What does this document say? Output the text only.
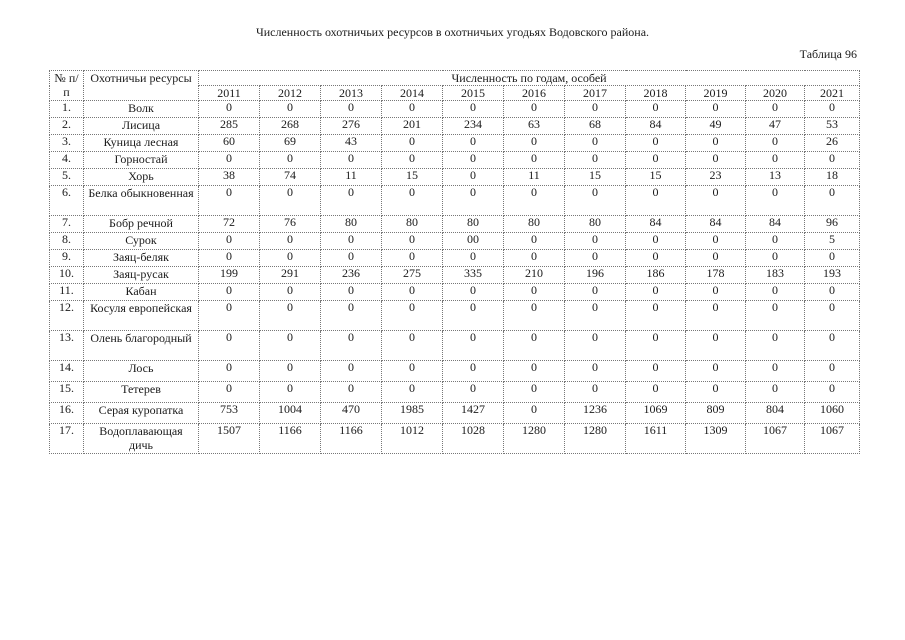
Численность охотничьих ресурсов в охотничьих угодьях Водовского района.
Таблица 96
№ п/п	Охотничьи ресурсы	Численность по годам, особей										
		2011	2012	2013	2014	2015	2016	2017	2018	2019	2020	2021
1.	Волк	0	0	0	0	0	0	0	0	0	0	0
2.	Лисица	285	268	276	201	234	63	68	84	49	47	53
3.	Куница лесная	60	69	43	0	0	0	0	0	0	0	26
4.	Горностай	0	0	0	0	0	0	0	0	0	0	0
5.	Хорь	38	74	11	15	0	11	15	15	23	13	18
6.	Белка обыкновенная	0	0	0	0	0	0	0	0	0	0	0
7.	Бобр речной	72	76	80	80	80	80	80	84	84	84	96
8.	Сурок	0	0	0	0	00	0	0	0	0	0	5
9.	Заяц-беляк	0	0	0	0	0	0	0	0	0	0	0
10.	Заяц-русак	199	291	236	275	335	210	196	186	178	183	193
11.	Кабан	0	0	0	0	0	0	0	0	0	0	0
12.	Косуля европейская	0	0	0	0	0	0	0	0	0	0	0
13.	Олень благородный	0	0	0	0	0	0	0	0	0	0	0
14.	Лось	0	0	0	0	0	0	0	0	0	0	0
15.	Тетерев	0	0	0	0	0	0	0	0	0	0	0
16.	Серая куропатка	753	1004	470	1985	1427	0	1236	1069	809	804	1060
17.	Водоплавающая дичь	1507	1166	1166	1012	1028	1280	1280	1611	1309	1067	1067
